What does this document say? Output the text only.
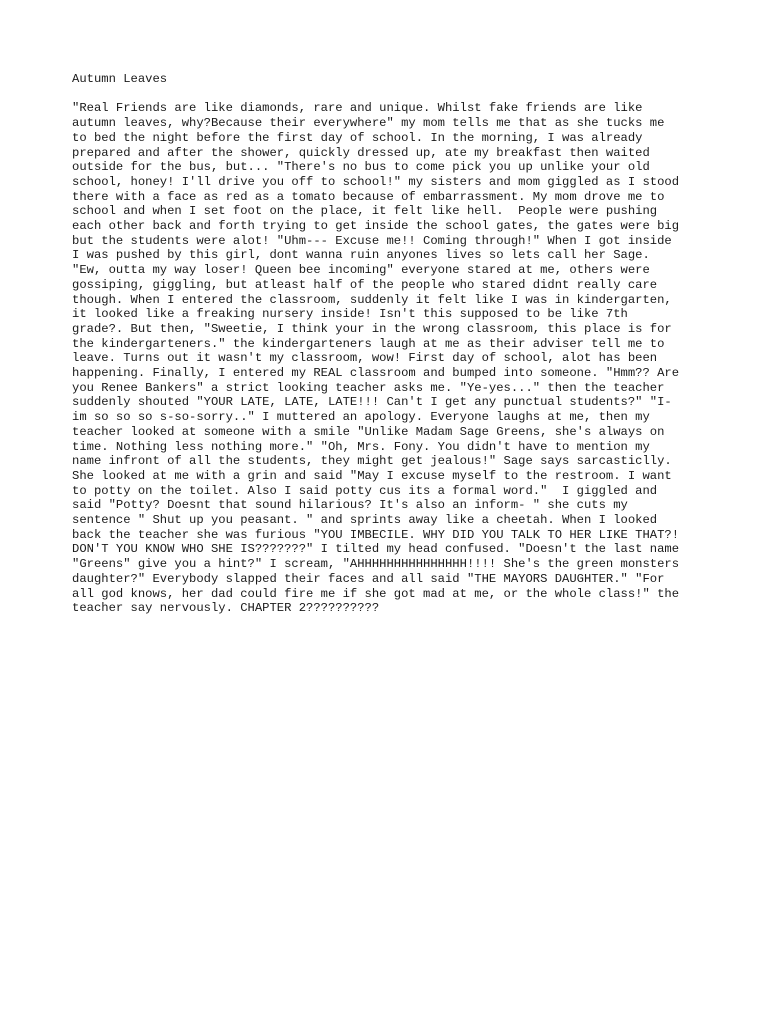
Autumn Leaves
"Real Friends are like diamonds, rare and unique. Whilst fake friends are like
autumn leaves, why?Because their everywhere" my mom tells me that as she tucks me
to bed the night before the first day of school. In the morning, I was already
prepared and after the shower, quickly dressed up, ate my breakfast then waited
outside for the bus, but... "There's no bus to come pick you up unlike your old
school, honey! I'll drive you off to school!" my sisters and mom giggled as I stood
there with a face as red as a tomato because of embarrassment. My mom drove me to
school and when I set foot on the place, it felt like hell.  People were pushing
each other back and forth trying to get inside the school gates, the gates were big
but the students were alot! "Uhm--- Excuse me!! Coming through!" When I got inside
I was pushed by this girl, dont wanna ruin anyones lives so lets call her Sage.
"Ew, outta my way loser! Queen bee incoming" everyone stared at me, others were
gossiping, giggling, but atleast half of the people who stared didnt really care
though. When I entered the classroom, suddenly it felt like I was in kindergarten,
it looked like a freaking nursery inside! Isn't this supposed to be like 7th
grade?. But then, "Sweetie, I think your in the wrong classroom, this place is for
the kindergarteners." the kindergarteners laugh at me as their adviser tell me to
leave. Turns out it wasn't my classroom, wow! First day of school, alot has been
happening. Finally, I entered my REAL classroom and bumped into someone. "Hmm?? Are
you Renee Bankers" a strict looking teacher asks me. "Ye-yes..." then the teacher
suddenly shouted "YOUR LATE, LATE, LATE!!! Can't I get any punctual students?" "I-
im so so so s-so-sorry.." I muttered an apology. Everyone laughs at me, then my
teacher looked at someone with a smile "Unlike Madam Sage Greens, she's always on
time. Nothing less nothing more." "Oh, Mrs. Fony. You didn't have to mention my
name infront of all the students, they might get jealous!" Sage says sarcasticlly.
She looked at me with a grin and said "May I excuse myself to the restroom. I want
to potty on the toilet. Also I said potty cus its a formal word."  I giggled and
said "Potty? Doesnt that sound hilarious? It's also an inform- " she cuts my
sentence " Shut up you peasant. " and sprints away like a cheetah. When I looked
back the teacher she was furious "YOU IMBECILE. WHY DID YOU TALK TO HER LIKE THAT?!
DON'T YOU KNOW WHO SHE IS???????" I tilted my head confused. "Doesn't the last name
"Greens" give you a hint?" I scream, "AHHHHHHHHHHHHHHH!!!! She's the green monsters
daughter?" Everybody slapped their faces and all said "THE MAYORS DAUGHTER." "For
all god knows, her dad could fire me if she got mad at me, or the whole class!" the
teacher say nervously. CHAPTER 2??????????
